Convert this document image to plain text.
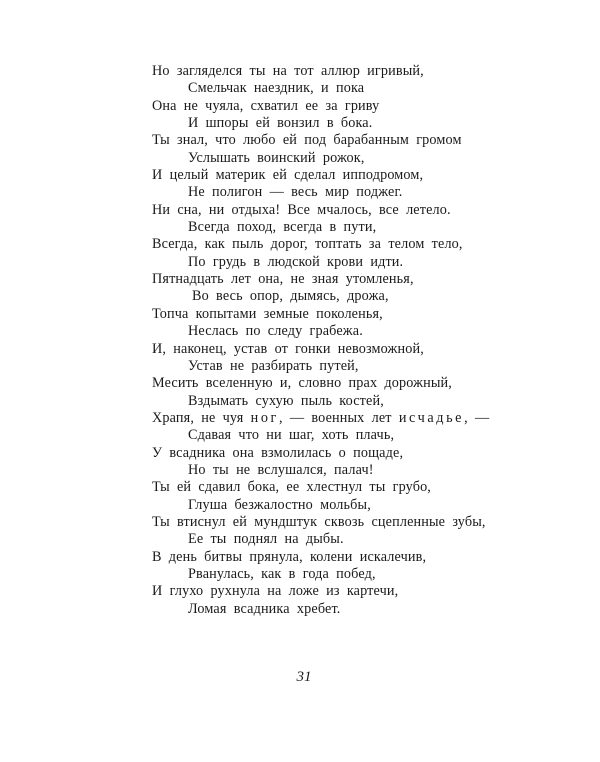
Но загляделся ты на тот аллюр игривый,
Смельчак наездник, и пока
Она не чуяла, схватил ее за гриву
И шпоры ей вонзил в бока.
Ты знал, что любо ей под барабанным громом
Услышать воинский рожок,
И целый материк ей сделал ипподромом,
Не полигон — весь мир поджег.
Ни сна, ни отдыха! Все мчалось, все летело.
Всегда поход, всегда в пути,
Всегда, как пыль дорог, топтать за телом тело,
По грудь в людской крови идти.
Пятнадцать лет она, не зная утомленья,
Во весь опор, дымясь, дрожа,
Топча копытами земные поколенья,
Неслась по следу грабежа.
И, наконец, устав от гонки невозможной,
Устав не разбирать путей,
Месить вселенную и, словно прах дорожный,
Вздымать сухую пыль костей,
Храпя, не чуя ног, — военных лет исчадье, —
Сдавая что ни шаг, хоть плачь,
У всадника она взмолилась о пощаде,
Но ты не вслушался, палач!
Ты ей сдавил бока, ее хлестнул ты грубо,
Глуша безжалостно мольбы,
Ты втиснул ей мундштук сквозь сцепленные зубы,
Ее ты поднял на дыбы.
В день битвы прянула, колени искалечив,
Рванулась, как в года побед,
И глухо рухнула на ложе из картечи,
Ломая всадника хребет.
31
